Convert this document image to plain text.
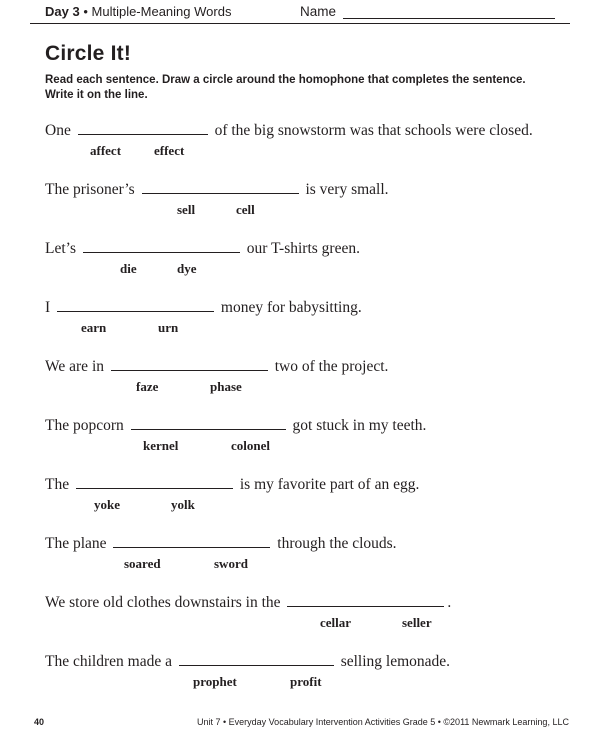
Day 3 • Multiple-Meaning Words	Name
Circle It!
Read each sentence. Draw a circle around the homophone that completes the sentence.
Write it on the line.
One	of the big snowstorm was that schools were closed.
affect	effect
The prisoner’s	is very small.
sell	cell
Let’s	our T-shirts green.
die	dye
I	money for babysitting.
earn	urn
We are in	two of the project.
faze	phase
The popcorn	got stuck in my teeth.
kernel	colonel
The	is my favorite part of an egg.
yoke	yolk
The plane	through the clouds.
soared	sword
We store old clothes downstairs in the	.
cellar	seller
The children made a	selling lemonade.
prophet	profit
40	Unit 7 • Everyday Vocabulary Intervention Activities Grade 5 • ©2011 Newmark Learning, LLC
